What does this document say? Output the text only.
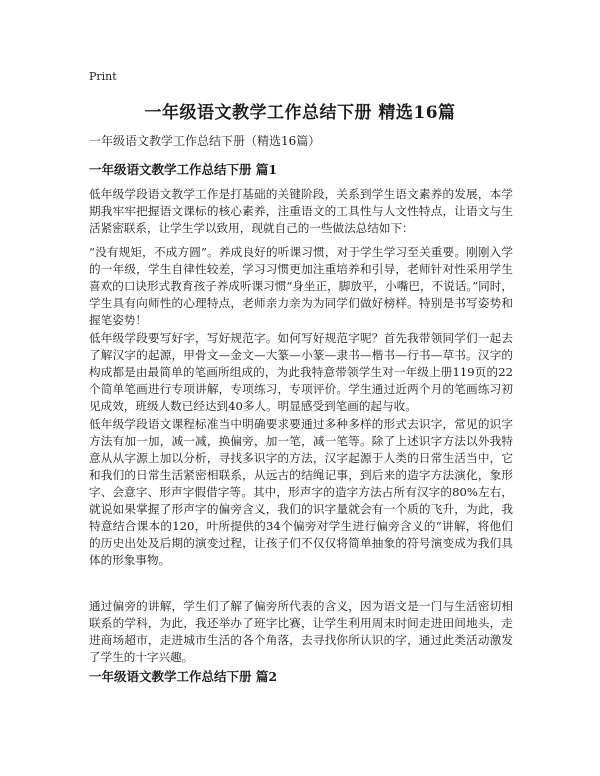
Print
一年级语文教学工作总结下册 精选16篇
一年级语文教学工作总结下册（精选16篇）
一年级语文教学工作总结下册 篇1
低年级学段语文教学工作是打基础的关键阶段，关系到学生语文素养的发展，本学期我牢牢把握语文课标的核心素养，注重语文的工具性与人文性特点，让语文与生活紧密联系，让学生学以致用，现就自己的一些做法总结如下：
“没有规矩，不成方圆”。养成良好的听课习惯，对于学生学习至关重要。刚刚入学的一年级，学生自律性较差，学习习惯更加注重培养和引导，老师针对性采用学生喜欢的口诀形式教育孩子养成听课习惯“身坐正，脚放平，小嘴巴，不说话。”同时，学生具有向师性的心理特点，老师亲力亲为为同学们做好榜样。特别是书写姿势和握笔姿势！
低年级学段要写好字，写好规范字。如何写好规范字呢？首先我带领同学们一起去了解汉字的起源，甲骨文—金文—大篆—小篆—隶书—楷书—行书—草书。汉字的构成都是由最简单的笔画所组成的，为此我特意带领学生对一年级上册119页的22个简单笔画进行专项讲解，专项练习，专项评价。学生通过近两个月的笔画练习初见成效，班级人数已经达到40多人。明显感受到笔画的起与收。
低年级学段语文课程标准当中明确要求要通过多种多样的形式去识字，常见的识字方法有加一加，减一减，换偏旁，加一笔，减一笔等。除了上述识字方法以外我特意从从字源上加以分析，寻找多识字的方法，汉字起源于人类的日常生活当中，它和我们的日常生活紧密相联系，从远古的结绳记事，到后来的造字方法演化，象形字、会意字、形声字假借字等。其中，形声字的造字方法占所有汉字的80%左右，就说如果掌握了形声字的偏旁含义，我们的识字量就会有一个质的飞升，为此，我特意结合课本的120，叶所提供的34个偏旁对学生进行偏旁含义的“讲解，将他们的历史出处及后期的演变过程，让孩子们不仅仅将简单抽象的符号演变成为我们具体的形象事物。
通过偏旁的讲解，学生们了解了偏旁所代表的含义，因为语文是一门与生活密切相联系的学科，为此，我还举办了班字比赛，让学生利用周末时间走进田间地头，走进商场超市，走进城市生活的各个角落，去寻找你所认识的字，通过此类活动激发了学生的十字兴趣。
一年级语文教学工作总结下册 篇2
